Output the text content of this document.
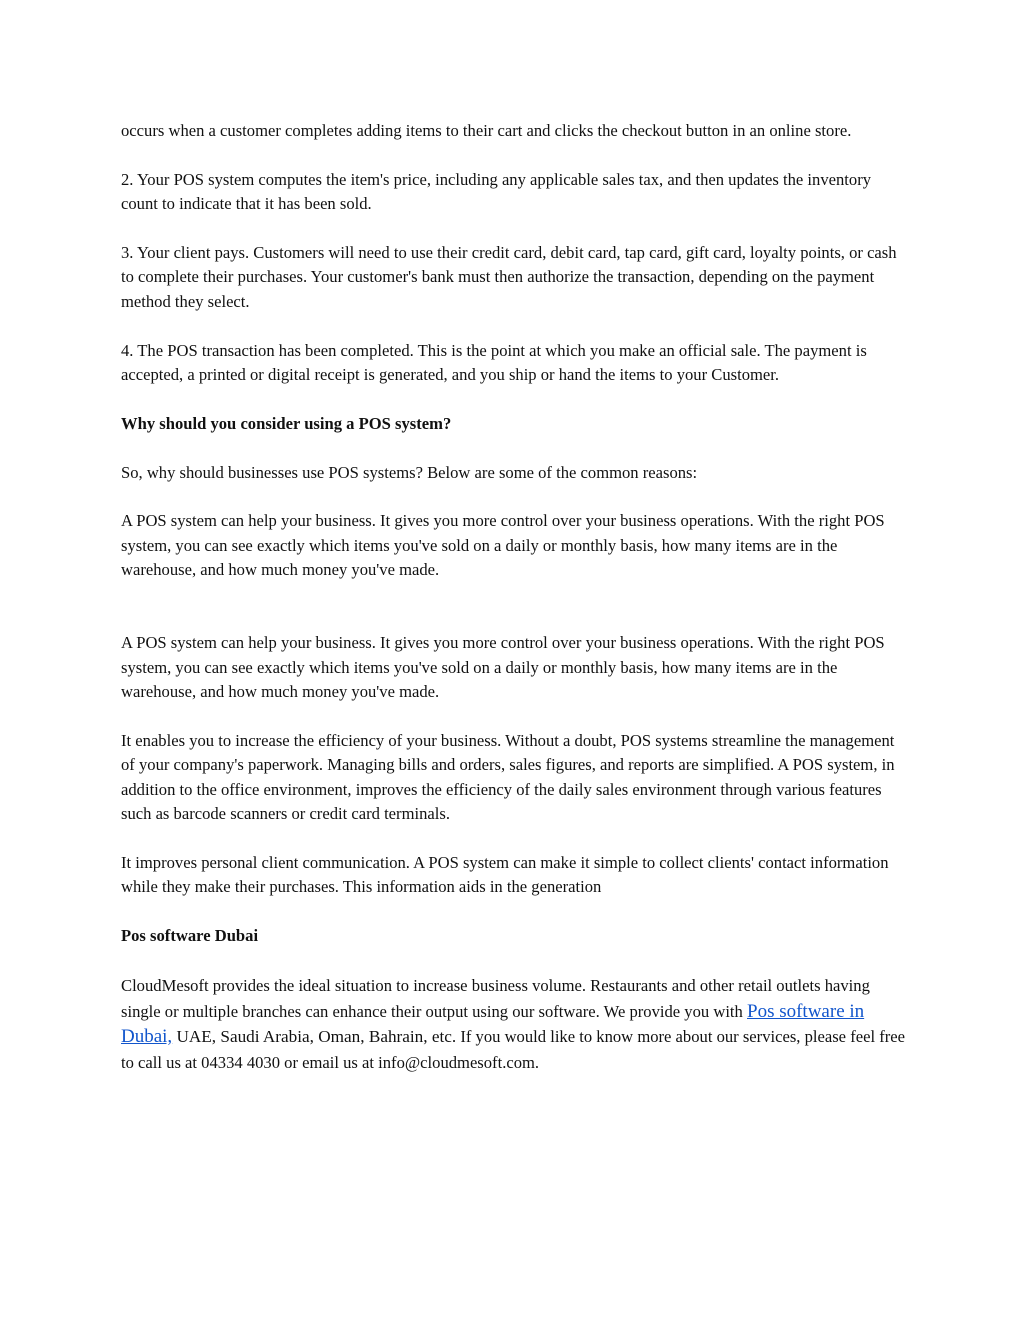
occurs when a customer completes adding items to their cart and clicks the checkout button in an online store.

2. Your POS system computes the item's price, including any applicable sales tax, and then updates the inventory count to indicate that it has been sold.

3. Your client pays. Customers will need to use their credit card, debit card, tap card, gift card, loyalty points, or cash to complete their purchases. Your customer's bank must then authorize the transaction, depending on the payment method they select.

4. The POS transaction has been completed. This is the point at which you make an official sale. The payment is accepted, a printed or digital receipt is generated, and you ship or hand the items to your Customer.

Why should you consider using a POS system?

So, why should businesses use POS systems? Below are some of the common reasons:

A POS system can help your business. It gives you more control over your business operations. With the right POS system, you can see exactly which items you've sold on a daily or monthly basis, how many items are in the warehouse, and how much money you've made.

A POS system can help your business. It gives you more control over your business operations. With the right POS system, you can see exactly which items you've sold on a daily or monthly basis, how many items are in the warehouse, and how much money you've made.

It enables you to increase the efficiency of your business. Without a doubt, POS systems streamline the management of your company's paperwork. Managing bills and orders, sales figures, and reports are simplified. A POS system, in addition to the office environment, improves the efficiency of the daily sales environment through various features such as barcode scanners or credit card terminals.

It improves personal client communication. A POS system can make it simple to collect clients' contact information while they make their purchases. This information aids in the generation

Pos software Dubai

CloudMesoft provides the ideal situation to increase business volume. Restaurants and other retail outlets having single or multiple branches can enhance their output using our software. We provide you with Pos software in Dubai, UAE, Saudi Arabia, Oman, Bahrain, etc. If you would like to know more about our services, please feel free to call us at 04334 4030 or email us at info@cloudmesoft.com.
